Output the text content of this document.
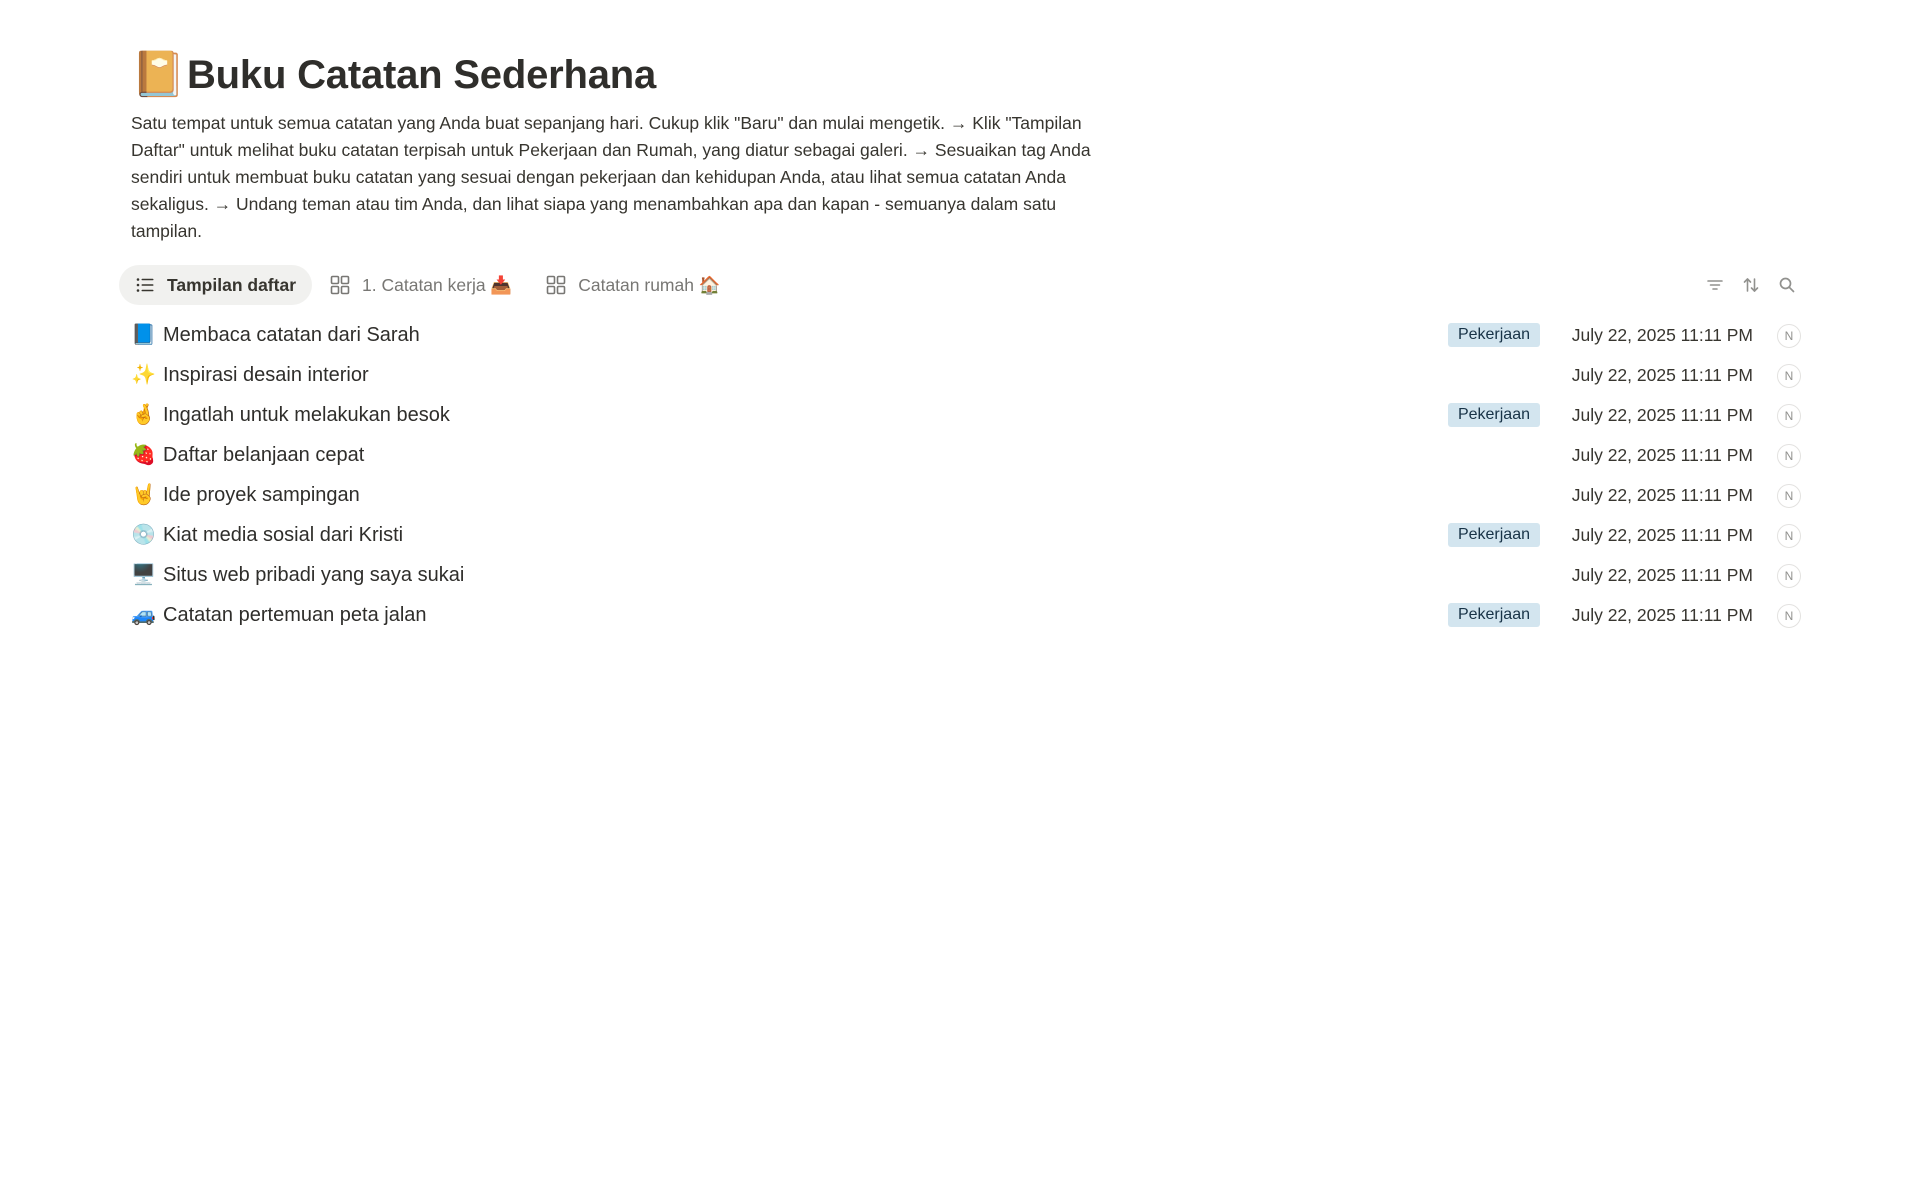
📔 Buku Catatan Sederhana
Satu tempat untuk semua catatan yang Anda buat sepanjang hari. Cukup klik "Baru" dan mulai mengetik. → Klik "Tampilan Daftar" untuk melihat buku catatan terpisah untuk Pekerjaan dan Rumah, yang diatur sebagai galeri. → Sesuaikan tag Anda sendiri untuk membuat buku catatan yang sesuai dengan pekerjaan dan kehidupan Anda, atau lihat semua catatan Anda sekaligus. → Undang teman atau tim Anda, dan lihat siapa yang menambahkan apa dan kapan - semuanya dalam satu tampilan.
Tampilan daftar	1. Catatan kerja 📥	Catatan rumah 🏠
📘 Membaca catatan dari Sarah	Pekerjaan	July 22, 2025 11:11 PM	N
✨ Inspirasi desain interior	July 22, 2025 11:11 PM	N
🤞 Ingatlah untuk melakukan besok	Pekerjaan	July 22, 2025 11:11 PM	N
🍓 Daftar belanjaan cepat	July 22, 2025 11:11 PM	N
🤘 Ide proyek sampingan	July 22, 2025 11:11 PM	N
💿 Kiat media sosial dari Kristi	Pekerjaan	July 22, 2025 11:11 PM	N
🖥️ Situs web pribadi yang saya sukai	July 22, 2025 11:11 PM	N
🚙 Catatan pertemuan peta jalan	Pekerjaan	July 22, 2025 11:11 PM	N
